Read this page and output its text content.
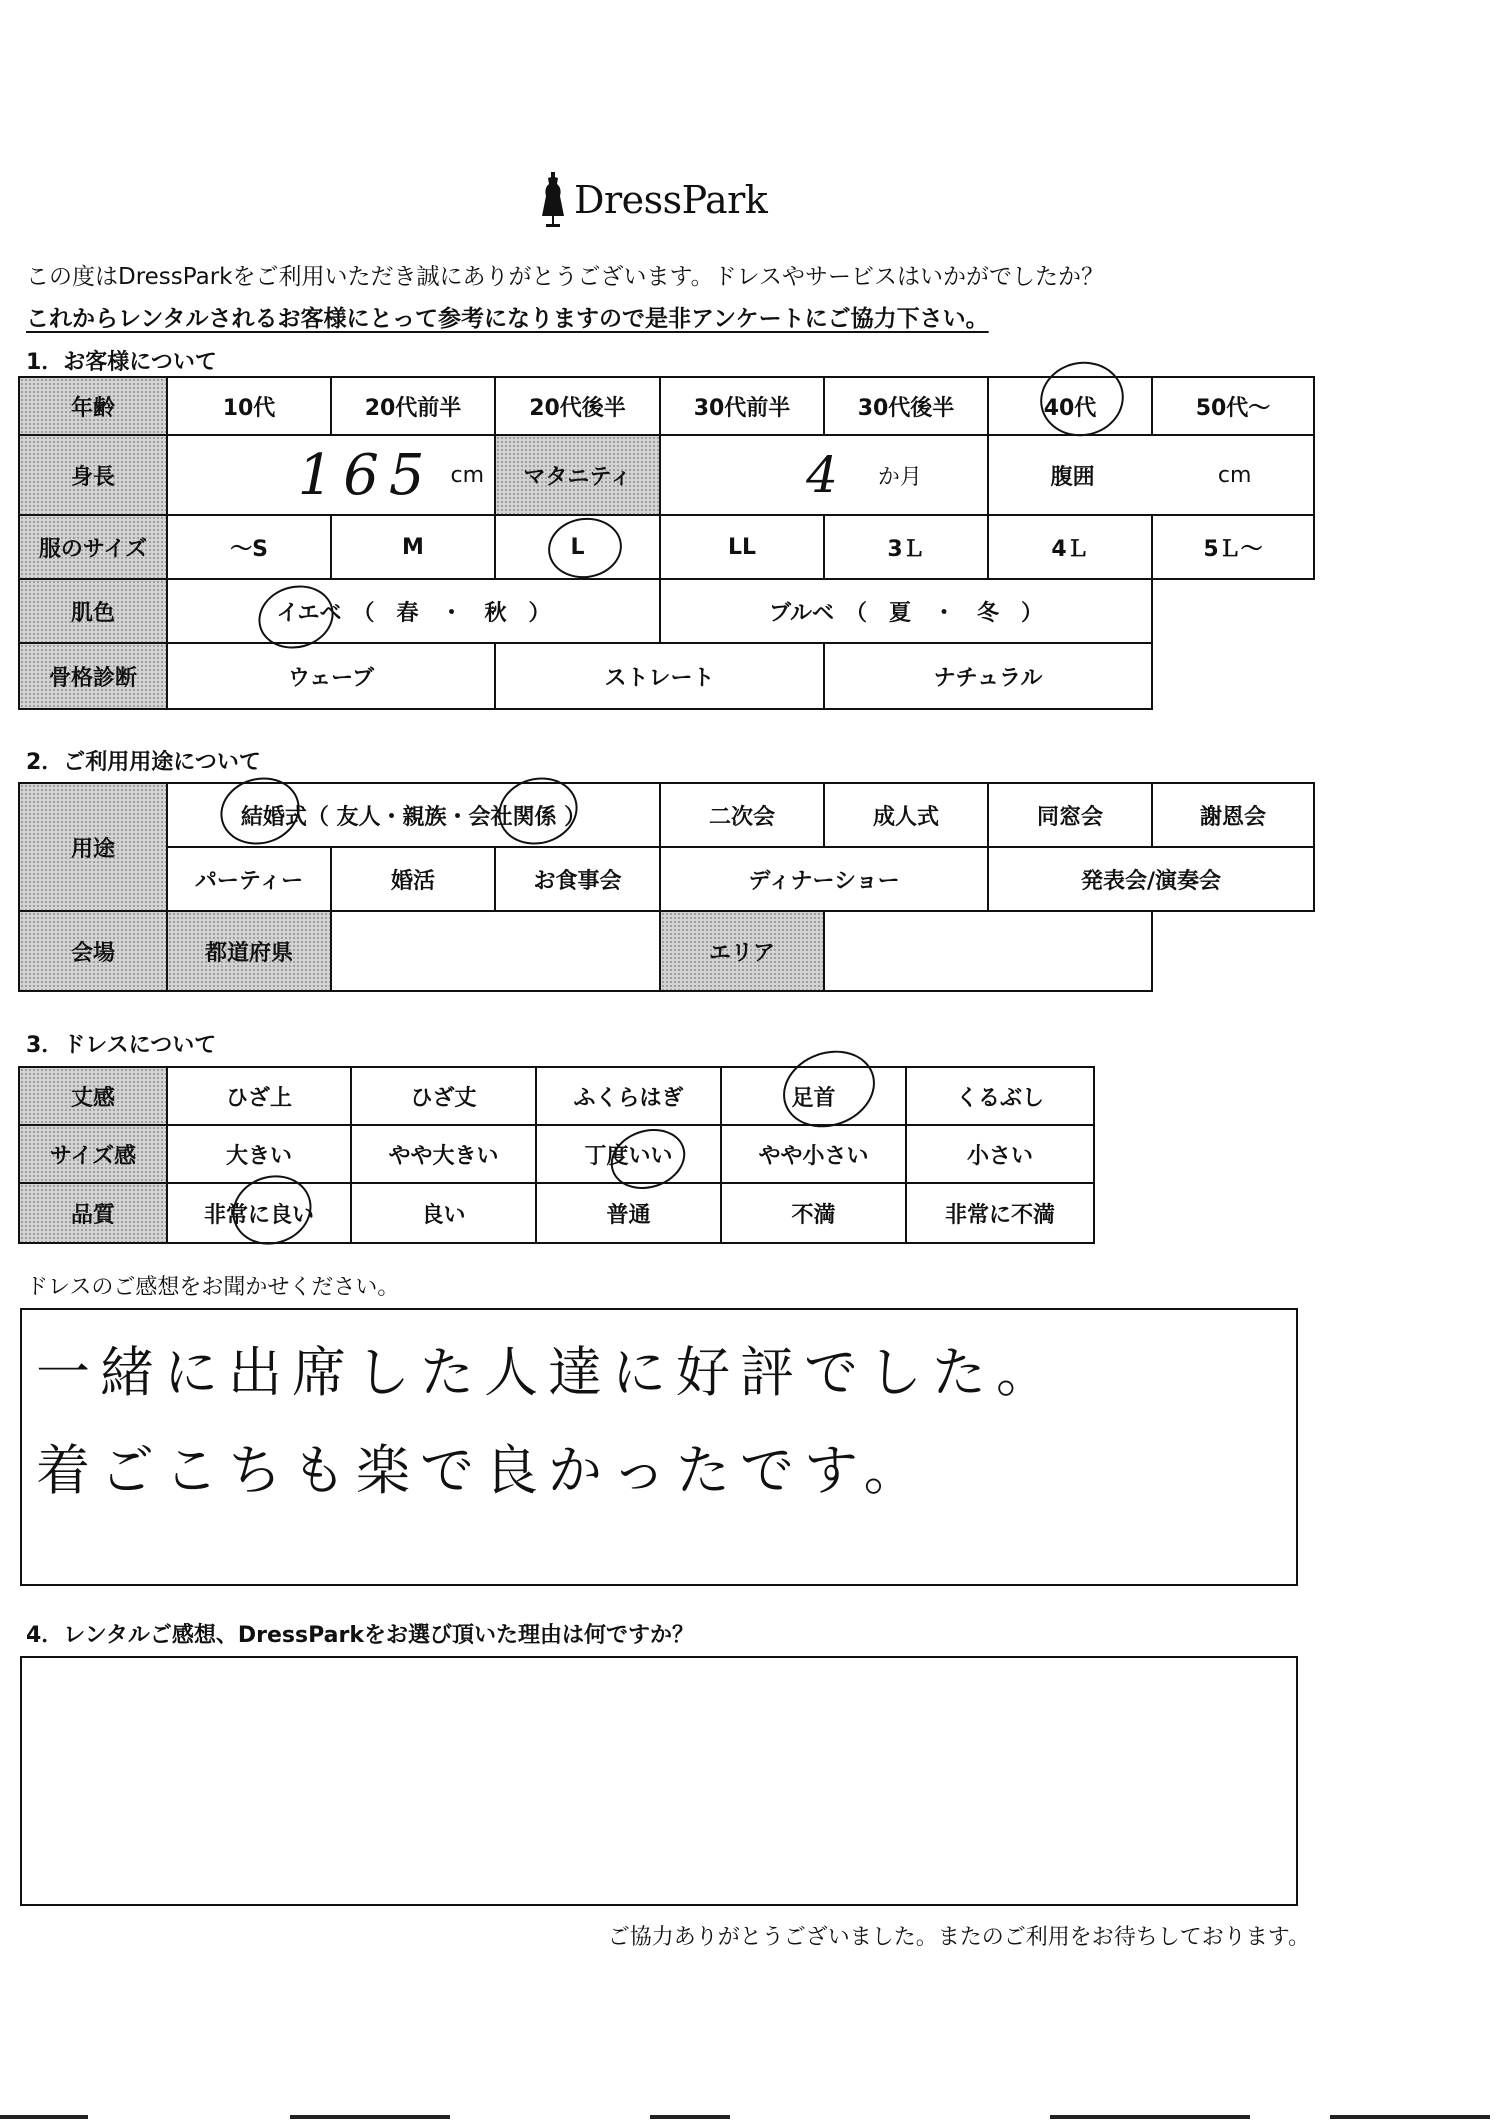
DressPark
この度はDressParkをご利用いただき誠にありがとうございます。ドレスやサービスはいかがでしたか？
これからレンタルされるお客様にとって参考になりますので是非アンケートにご協力下さい。
1．お客様について
年齢	10代	20代前半	20代後半	30代前半	30代後半	40代	50代～
身長	165 cm	マタニティ	4 か月	腹囲	cm
服のサイズ	～S	M	L	LL	3Ｌ	4Ｌ	5Ｌ～
肌色	イエベ　（　春　・　秋　）	ブルベ　（　夏　・　冬　）
骨格診断	ウェーブ	ストレート	ナチュラル
2．ご利用用途について
用途
結婚式（ 友人・親族・会社関係 ）	二次会	成人式	同窓会	謝恩会
パーティー	婚活	お食事会	ディナーショー	発表会/演奏会
会場	都道府県	エリア
3．ドレスについて
丈感	ひざ上	ひざ丈	ふくらはぎ	足首	くるぶし
サイズ感	大きい	やや大きい	丁度いい	やや小さい	小さい
品質	非常に良い	良い	普通	不満	非常に不満
ドレスのご感想をお聞かせください。
一緒に出席した人達に好評でした。
着ごこちも楽で良かったです。
4．レンタルご感想、DressParkをお選び頂いた理由は何ですか？
ご協力ありがとうございました。またのご利用をお待ちしております。
